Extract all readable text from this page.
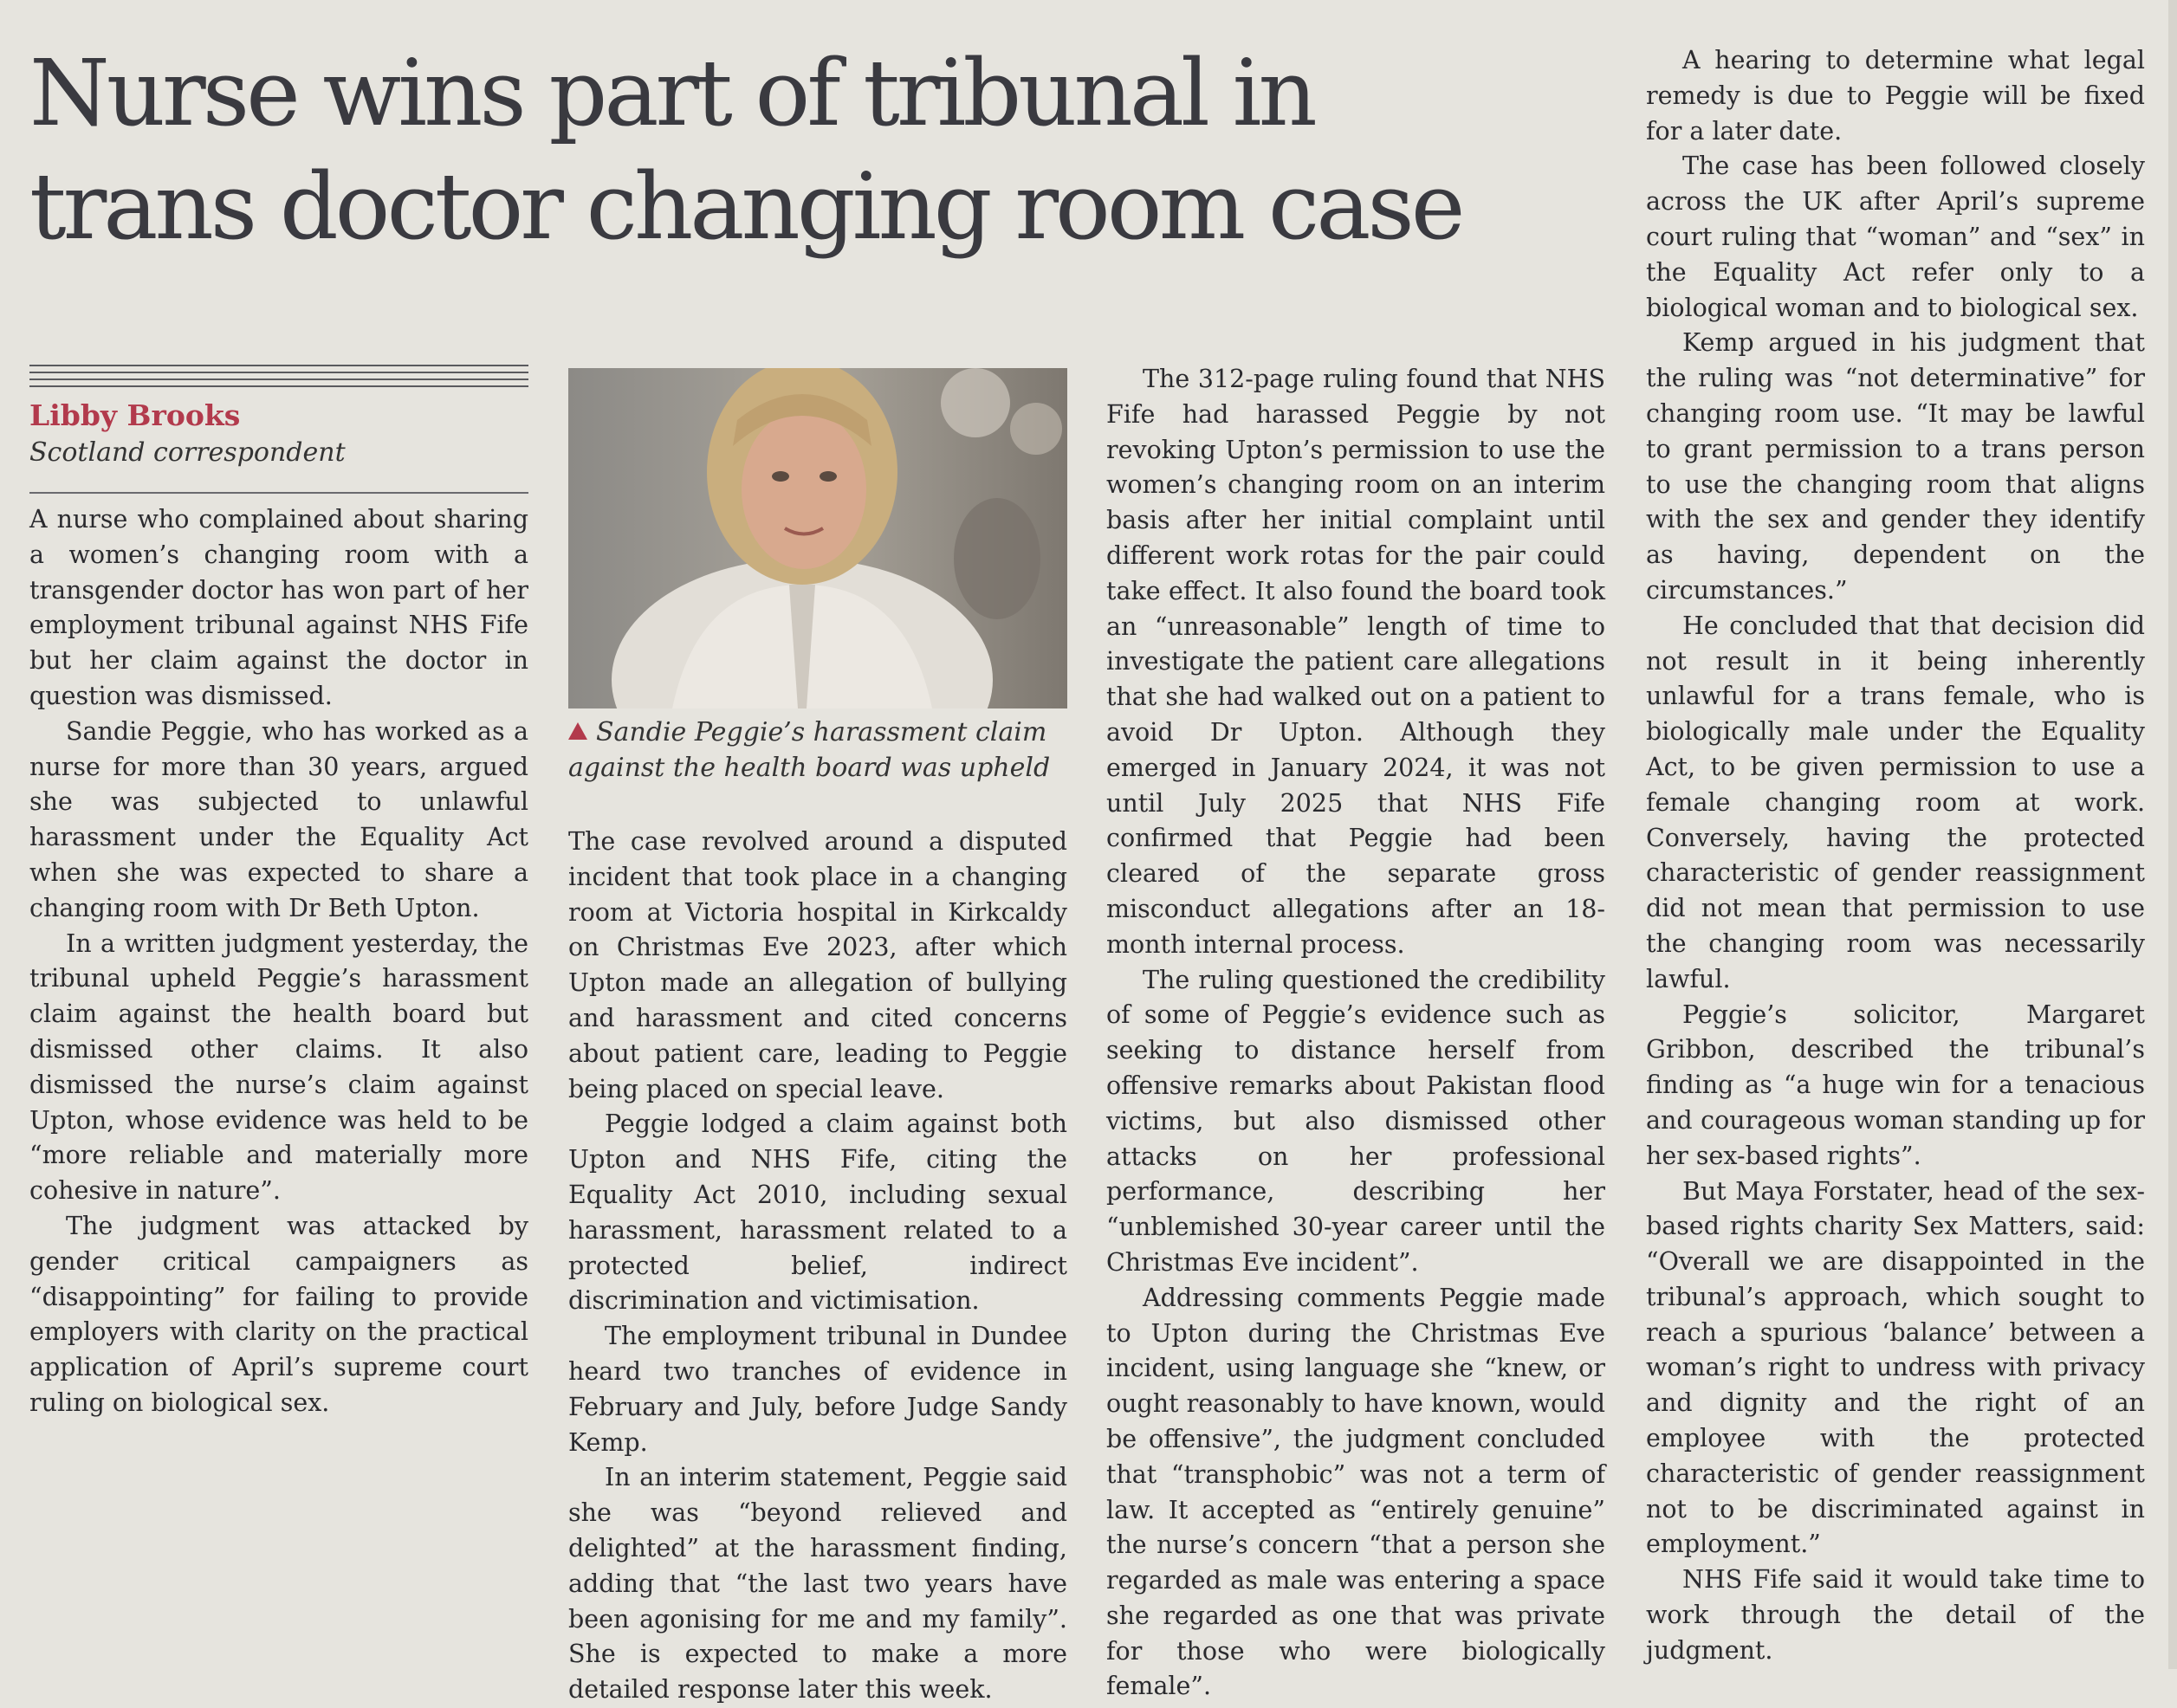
Nurse wins part of tribunal in
trans doctor changing room case
Libby Brooks
Scotland correspondent

A nurse who complained about sharing a women’s changing room with a transgender doctor has won part of her employment tribunal against NHS Fife but her claim against the doctor in question was dismissed.

Sandie Peggie, who has worked as a nurse for more than 30 years, argued she was subjected to unlawful harassment under the Equality Act when she was expected to share a changing room with Dr Beth Upton.

In a written judgment yesterday, the tribunal upheld Peggie’s harassment claim against the health board but dismissed other claims. It also dismissed the nurse’s claim against Upton, whose evidence was held to be “more reliable and materially more cohesive in nature”.

The judgment was attacked by gender critical campaigners as “disappointing” for failing to provide employers with clarity on the practical application of April’s supreme court ruling on biological sex.

Sandie Peggie’s harassment claim against the health board was upheld

The case revolved around a disputed incident that took place in a changing room at Victoria hospital in Kirkcaldy on Christmas Eve 2023, after which Upton made an allegation of bullying and harassment and cited concerns about patient care, leading to Peggie being placed on special leave.

Peggie lodged a claim against both Upton and NHS Fife, citing the Equality Act 2010, including sexual harassment, harassment related to a protected belief, indirect discrimination and victimisation.

The employment tribunal in Dundee heard two tranches of evidence in February and July, before Judge Sandy Kemp.

In an interim statement, Peggie said she was “beyond relieved and delighted” at the harassment finding, adding that “the last two years have been agonising for me and my family”. She is expected to make a more detailed response later this week.

The 312-page ruling found that NHS Fife had harassed Peggie by not revoking Upton’s permission to use the women’s changing room on an interim basis after her initial complaint until different work rotas for the pair could take effect. It also found the board took an “unreasonable” length of time to investigate the patient care allegations that she had walked out on a patient to avoid Dr Upton. Although they emerged in January 2024, it was not until July 2025 that NHS Fife confirmed that Peggie had been cleared of the separate gross misconduct allegations after an 18-month internal process.

The ruling questioned the credibility of some of Peggie’s evidence such as seeking to distance herself from offensive remarks about Pakistan flood victims, but also dismissed other attacks on her professional performance, describing her “unblemished 30-year career until the Christmas Eve incident”.

Addressing comments Peggie made to Upton during the Christmas Eve incident, using language she “knew, or ought reasonably to have known, would be offensive”, the judgment concluded that “transphobic” was not a term of law. It accepted as “entirely genuine” the nurse’s concern “that a person she regarded as male was entering a space she regarded as one that was private for those who were biologically female”.

A hearing to determine what legal remedy is due to Peggie will be fixed for a later date.

The case has been followed closely across the UK after April’s supreme court ruling that “woman” and “sex” in the Equality Act refer only to a biological woman and to biological sex.

Kemp argued in his judgment that the ruling was “not determinative” for changing room use. “It may be lawful to grant permission to a trans person to use the changing room that aligns with the sex and gender they identify as having, dependent on the circumstances.”

He concluded that that decision did not result in it being inherently unlawful for a trans female, who is biologically male under the Equality Act, to be given permission to use a female changing room at work. Conversely, having the protected characteristic of gender reassignment did not mean that permission to use the changing room was necessarily lawful.

Peggie’s solicitor, Margaret Gribbon, described the tribunal’s finding as “a huge win for a tenacious and courageous woman standing up for her sex-based rights”.

But Maya Forstater, head of the sex-based rights charity Sex Matters, said: “Overall we are disappointed in the tribunal’s approach, which sought to reach a spurious ‘balance’ between a woman’s right to undress with privacy and dignity and the right of an employee with the protected characteristic of gender reassignment not to be discriminated against in employment.”

NHS Fife said it would take time to work through the detail of the judgment.
